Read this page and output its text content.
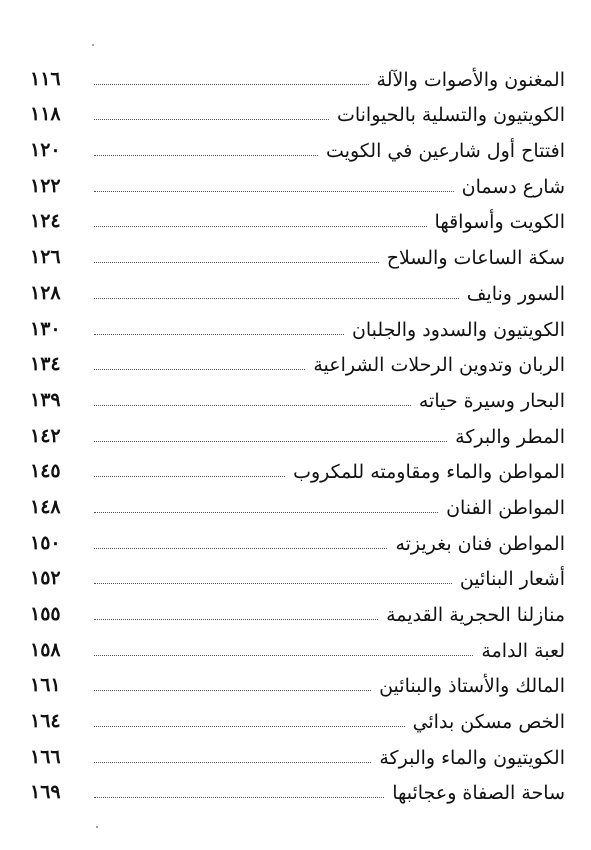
١١٦	المغنون والأصوات والآلة
١١٨	الكويتيون والتسلية بالحيوانات
١٢٠	افتتاح أول شارعين في الكويت
١٢٢	شارع دسمان
١٢٤	الكويت وأسواقها
١٢٦	سكة الساعات والسلاح
١٢٨	السور ونايف
١٣٠	الكويتيون والسدود والجلبان
١٣٤	الربان وتدوين الرحلات الشراعية
١٣٩	البحار وسيرة حياته
١٤٢	المطر والبركة
١٤٥	المواطن والماء ومقاومته للمكروب
١٤٨	المواطن الفنان
١٥٠	المواطن فنان بغريزته
١٥٢	أشعار البنائين
١٥٥	منازلنا الحجرية القديمة
١٥٨	لعبة الدامة
١٦١	المالك والأستاذ والبنائين
١٦٤	الخص مسكن بدائي
١٦٦	الكويتيون والماء والبركة
١٦٩	ساحة الصفاة وعجائبها
